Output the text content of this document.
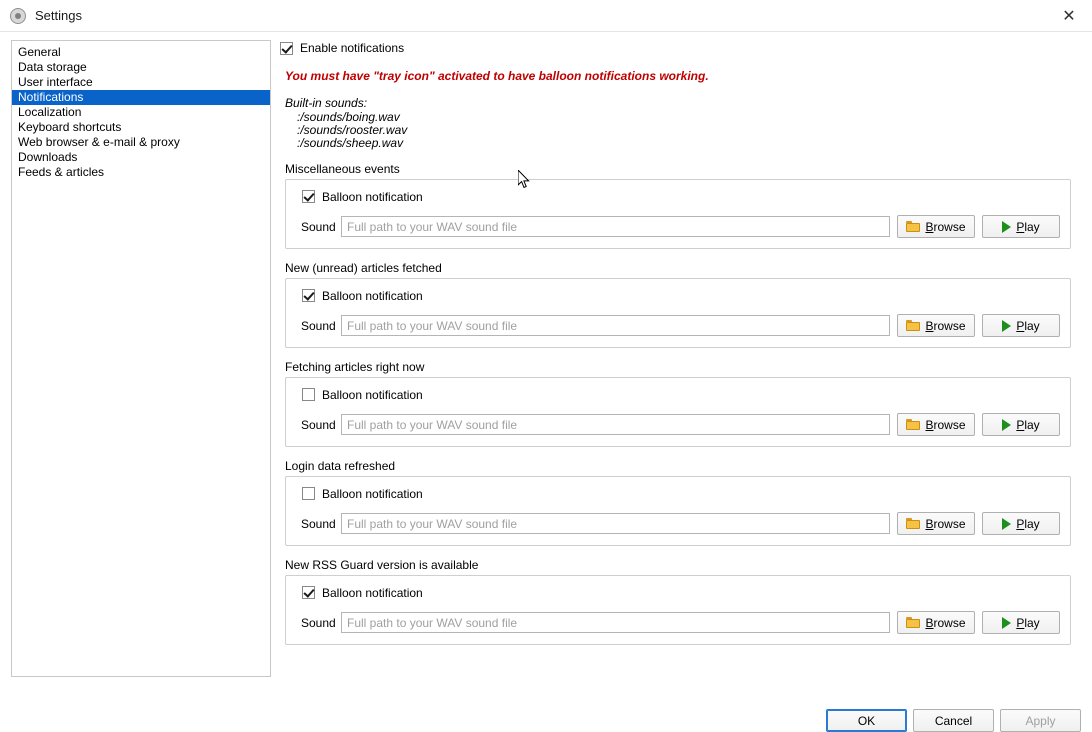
Settings	✕
General
Data storage
User interface
Notifications
Localization
Keyboard shortcuts
Web browser & e-mail & proxy
Downloads
Feeds & articles
Enable notifications
You must have "tray icon" activated to have balloon notifications working.
Built-in sounds:
:/sounds/boing.wav
:/sounds/rooster.wav
:/sounds/sheep.wav
Miscellaneous events
Balloon notification
Sound
Full path to your WAV sound file	Browse	Play
New (unread) articles fetched
Balloon notification
Sound
Full path to your WAV sound file	Browse	Play
Fetching articles right now
Balloon notification
Sound
Full path to your WAV sound file	Browse	Play
Login data refreshed
Balloon notification
Sound
Full path to your WAV sound file	Browse	Play
New RSS Guard version is available
Balloon notification
Sound
Full path to your WAV sound file	Browse	Play
OK	Cancel	Apply
